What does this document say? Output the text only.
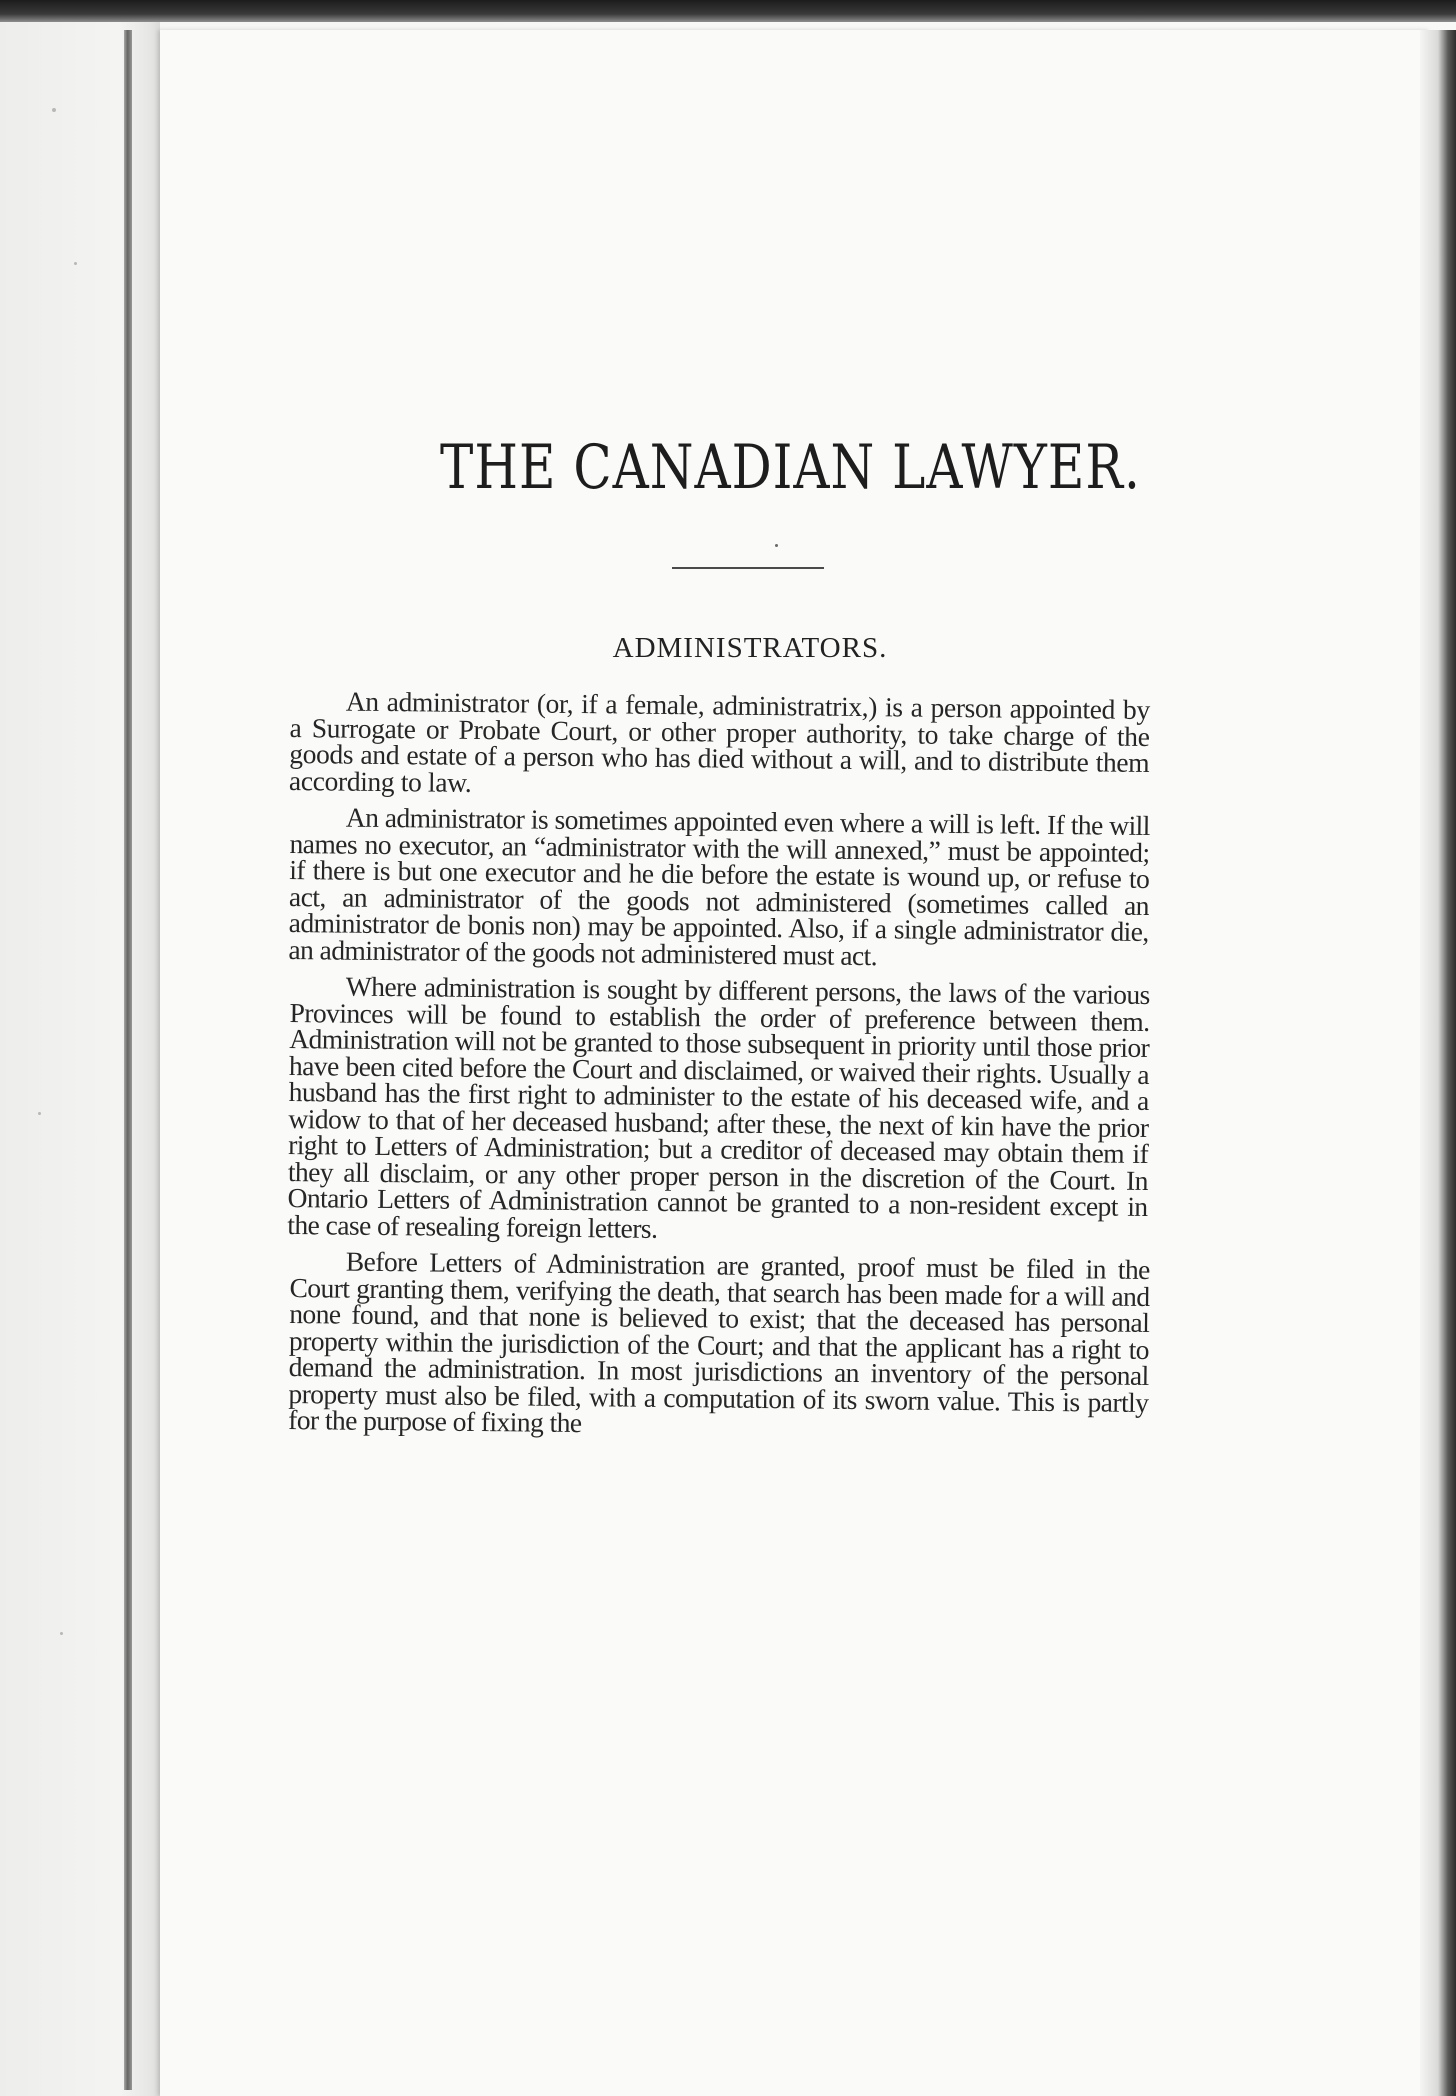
THE CANADIAN LAWYER.
ADMINISTRATORS.

An administrator (or, if a female, administratrix,) is a person appointed by a Surrogate or Probate Court, or other proper authority, to take charge of the goods and estate of a person who has died without a will, and to distribute them according to law.

An administrator is sometimes appointed even where a will is left. If the will names no executor, an “administrator with the will annexed,” must be appointed; if there is but one executor and he die before the estate is wound up, or refuse to act, an administrator of the goods not administered (sometimes called an administrator de bonis non) may be appointed. Also, if a single administrator die, an administrator of the goods not administered must act.

Where administration is sought by different persons, the laws of the various Provinces will be found to establish the order of preference between them. Administration will not be granted to those subsequent in priority until those prior have been cited before the Court and disclaimed, or waived their rights. Usually a husband has the first right to administer to the estate of his deceased wife, and a widow to that of her deceased husband; after these, the next of kin have the prior right to Letters of Administration; but a creditor of deceased may obtain them if they all disclaim, or any other proper person in the discretion of the Court. In Ontario Letters of Administration cannot be granted to a non-resident except in the case of resealing foreign letters.

Before Letters of Administration are granted, proof must be filed in the Court granting them, verifying the death, that search has been made for a will and none found, and that none is believed to exist; that the deceased has personal property within the jurisdiction of the Court; and that the applicant has a right to demand the administration. In most jurisdictions an inventory of the personal property must also be filed, with a computation of its sworn value. This is partly for the purpose of fixing the
